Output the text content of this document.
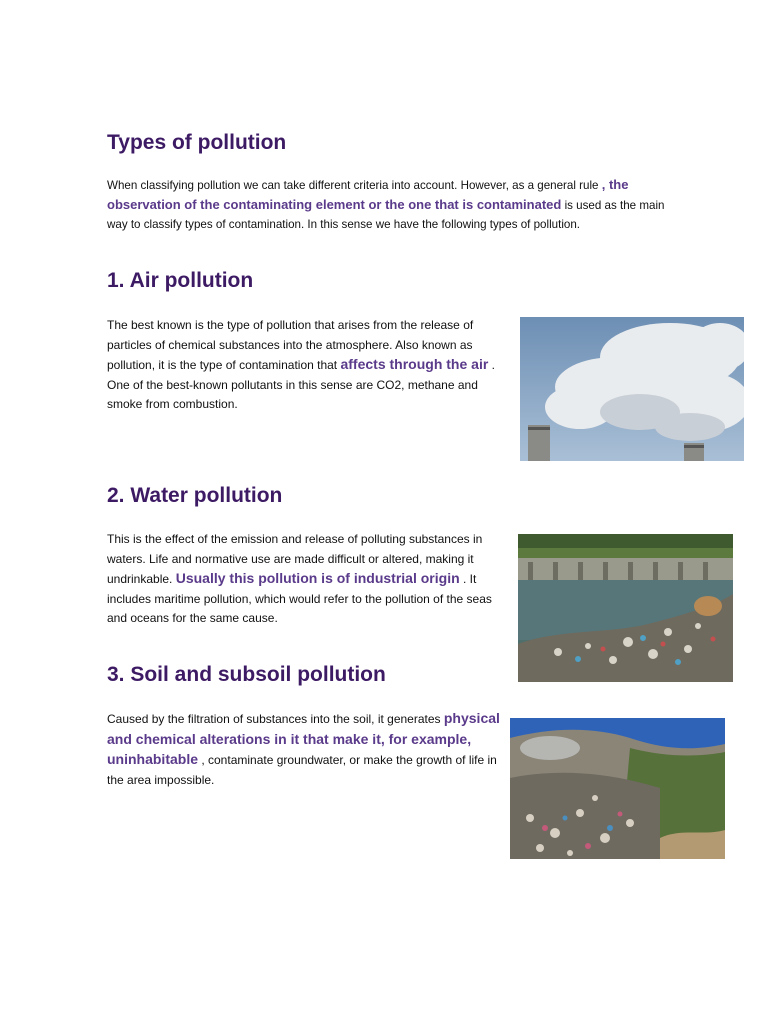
Types of pollution

When classifying pollution we can take different criteria into account. However, as a general rule , the observation of the contaminating element or the one that is contaminated is used as the main way to classify types of contamination. In this sense we have the following types of pollution.

1. Air pollution

The best known is the type of pollution that arises from the release of particles of chemical substances into the atmosphere. Also known as pollution, it is the type of contamination that affects through the air . One of the best-known pollutants in this sense are CO2, methane and smoke from combustion.

2. Water pollution

This is the effect of the emission and release of polluting substances in waters. Life and normative use are made difficult or altered, making it undrinkable. Usually this pollution is of industrial origin . It includes maritime pollution, which would refer to the pollution of the seas and oceans for the same cause.

3. Soil and subsoil pollution

Caused by the filtration of substances into the soil, it generates physical and chemical alterations in it that make it, for example, uninhabitable , contaminate groundwater, or make the growth of life in the area impossible.
